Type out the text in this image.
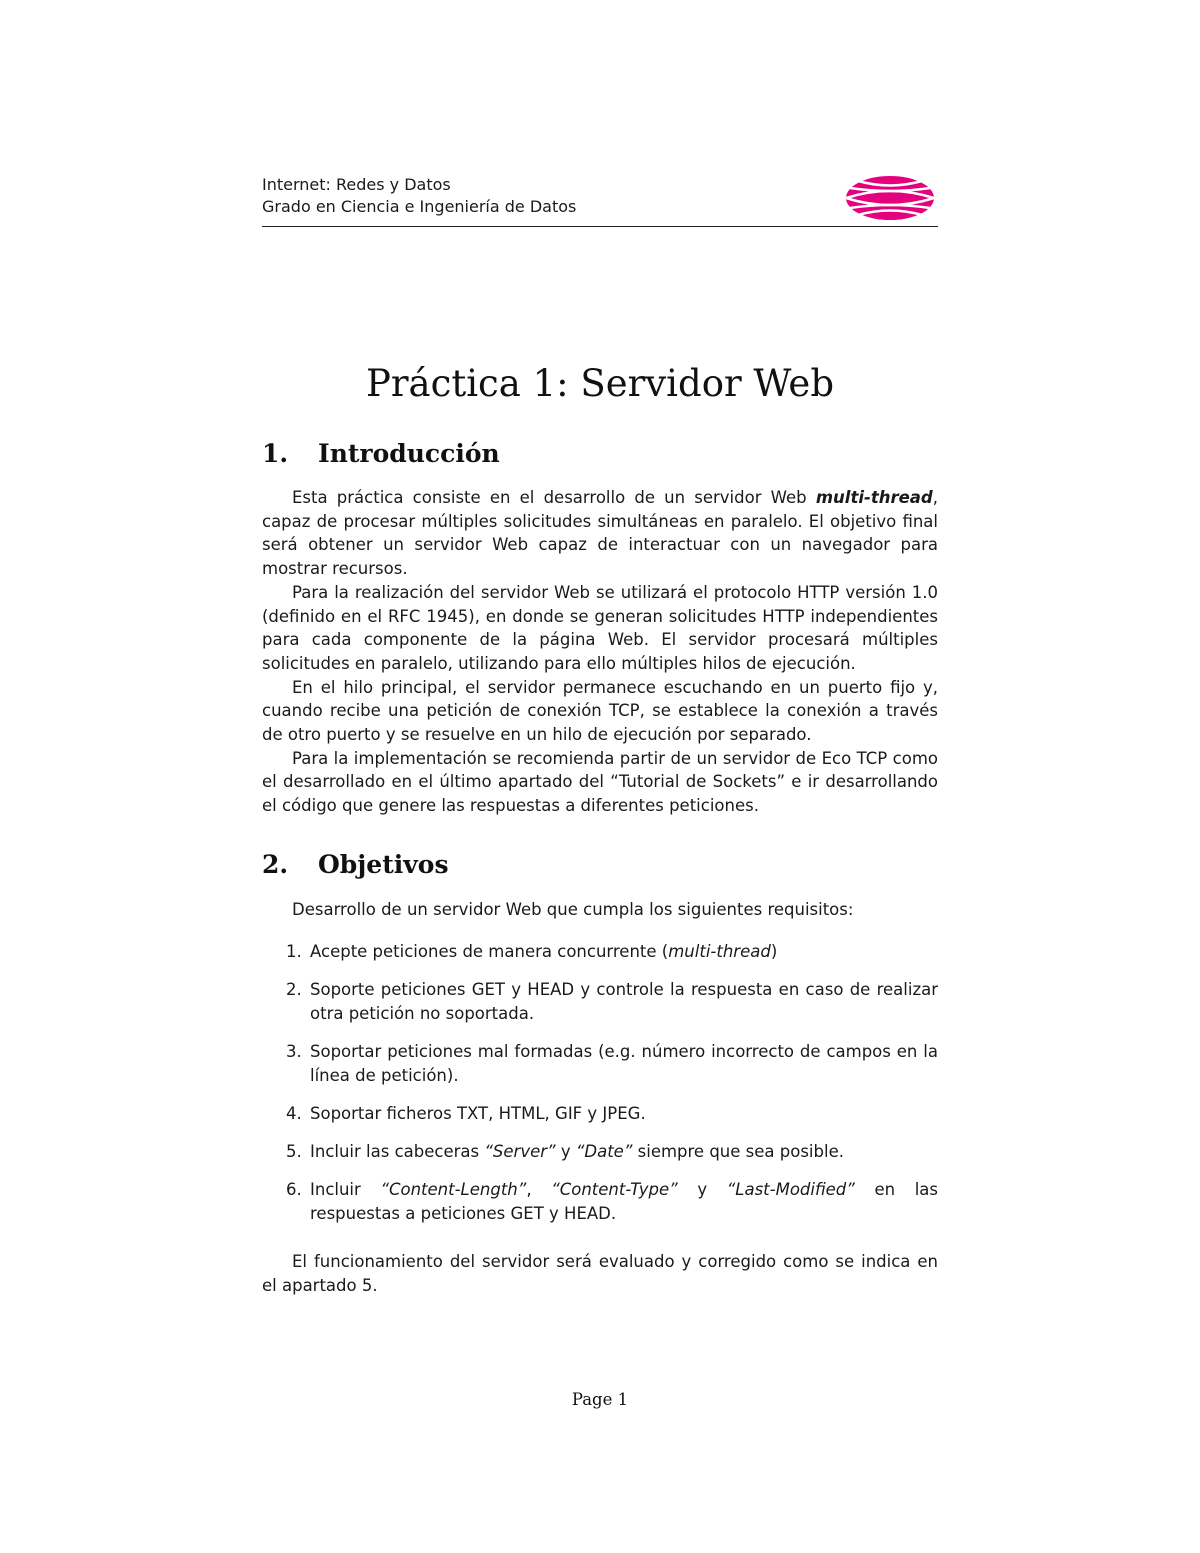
Internet: Redes y Datos
Grado en Ciencia e Ingeniería de Datos
Práctica 1: Servidor Web
1. Introducción

Esta práctica consiste en el desarrollo de un servidor Web multi-thread, capaz de procesar múltiples solicitudes simultáneas en paralelo. El objetivo final será obtener un servidor Web capaz de interactuar con un navegador para mostrar recursos.

Para la realización del servidor Web se utilizará el protocolo HTTP versión 1.0 (definido en el RFC 1945), en donde se generan solicitudes HTTP independientes para cada componente de la página Web. El servidor procesará múltiples solicitudes en paralelo, utilizando para ello múltiples hilos de ejecución.

En el hilo principal, el servidor permanece escuchando en un puerto fijo y, cuando recibe una petición de conexión TCP, se establece la conexión a través de otro puerto y se resuelve en un hilo de ejecución por separado.

Para la implementación se recomienda partir de un servidor de Eco TCP como el desarrollado en el último apartado del “Tutorial de Sockets” e ir desarrollando el código que genere las respuestas a diferentes peticiones.

2. Objetivos

Desarrollo de un servidor Web que cumpla los siguientes requisitos:

1. Acepte peticiones de manera concurrente (multi-thread)
2. Soporte peticiones GET y HEAD y controle la respuesta en caso de realizar otra petición no soportada.
3. Soportar peticiones mal formadas (e.g. número incorrecto de campos en la línea de petición).
4. Soportar ficheros TXT, HTML, GIF y JPEG.
5. Incluir las cabeceras “Server” y “Date” siempre que sea posible.
6. Incluir “Content-Length”, “Content-Type” y “Last-Modified” en las respuestas a peticiones GET y HEAD.

El funcionamiento del servidor será evaluado y corregido como se indica en el apartado 5.

Page 1
